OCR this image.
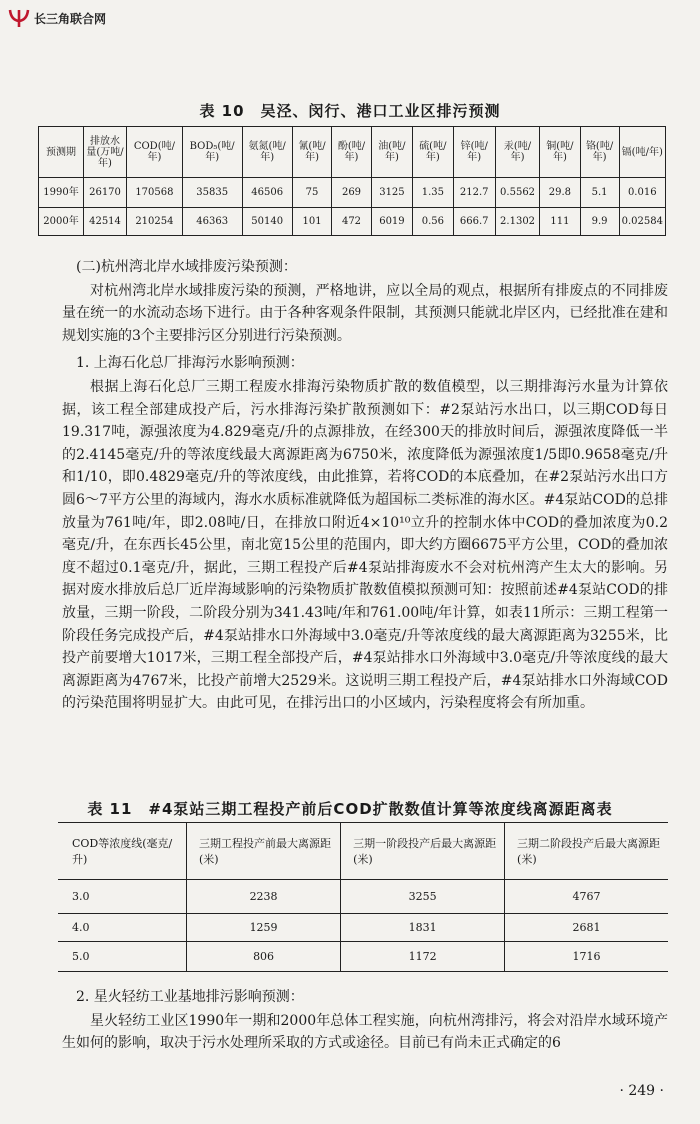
长三角联合网
表 10　吴泾、闵行、港口工业区排污预测
预测期	排放水量(万吨/年)	COD(吨/年)	BOD₅(吨/年)	氨氮(吨/年)	氰(吨/年)	酚(吨/年)	油(吨/年)	硫(吨/年)	锌(吨/年)	汞(吨/年)	铜(吨/年)	铬(吨/年)	镉(吨/年)
1990年	26170	170568	35835	46506	75	269	3125	1.35	212.7	0.5562	29.8	5.1	0.016
2000年	42514	210254	46363	50140	101	472	6019	0.56	666.7	2.1302	111	9.9	0.02584
(二)杭州湾北岸水域排废污染预测：
对杭州湾北岸水域排废污染的预测，严格地讲，应以全局的观点，根据所有排废点的不同排废量在统一的水流动态场下进行。由于各种客观条件限制，其预测只能就北岸区内，已经批准在建和规划实施的3个主要排污区分别进行污染预测。
1. 上海石化总厂排海污水影响预测：
根据上海石化总厂三期工程废水排海污染物质扩散的数值模型，以三期排海污水量为计算依据，该工程全部建成投产后，污水排海污染扩散预测如下：#2泵站污水出口，以三期COD每日19.317吨，源强浓度为4.829毫克/升的点源排放，在经300天的排放时间后，源强浓度降低一半的2.4145毫克/升的等浓度线最大离源距离为6750米，浓度降低为源强浓度1/5即0.9658毫克/升和1/10，即0.4829毫克/升的等浓度线，由此推算，若将COD的本底叠加，在#2泵站污水出口方圆6～7平方公里的海域内，海水水质标准就降低为超国标二类标准的海水区。#4泵站COD的总排放量为761吨/年，即2.08吨/日，在排放口附近4×10¹⁰立升的控制水体中COD的叠加浓度为0.2毫克/升，在东西长45公里，南北宽15公里的范围内，即大约方圈6675平方公里，COD的叠加浓度不超过0.1毫克/升，据此，三期工程投产后#4泵站排海废水不会对杭州湾产生太大的影响。另据对废水排放后总厂近岸海域影响的污染物质扩散数值模拟预测可知：按照前述#4泵站COD的排放量，三期一阶段，二阶段分别为341.43吨/年和761.00吨/年计算，如表11所示：三期工程第一阶段任务完成投产后，#4泵站排水口外海域中3.0毫克/升等浓度线的最大离源距离为3255米，比投产前要增大1017米，三期工程全部投产后，#4泵站排水口外海域中3.0毫克/升等浓度线的最大离源距离为4767米，比投产前增大2529米。这说明三期工程投产后，#4泵站排水口外海域COD的污染范围将明显扩大。由此可见，在排污出口的小区域内，污染程度将会有所加重。
表 11　#4泵站三期工程投产前后COD扩散数值计算等浓度线离源距离表
COD等浓度线(毫克/升)	三期工程投产前最大离源距(米)	三期一阶段投产后最大离源距(米)	三期二阶段投产后最大离源距(米)
3.0	2238	3255	4767
4.0	1259	1831	2681
5.0	806	1172	1716
2. 星火轻纺工业基地排污影响预测：
星火轻纺工业区1990年一期和2000年总体工程实施，向杭州湾排污，将会对沿岸水域环境产生如何的影响，取决于污水处理所采取的方式或途径。目前已有尚未正式确定的6
· 249 ·
